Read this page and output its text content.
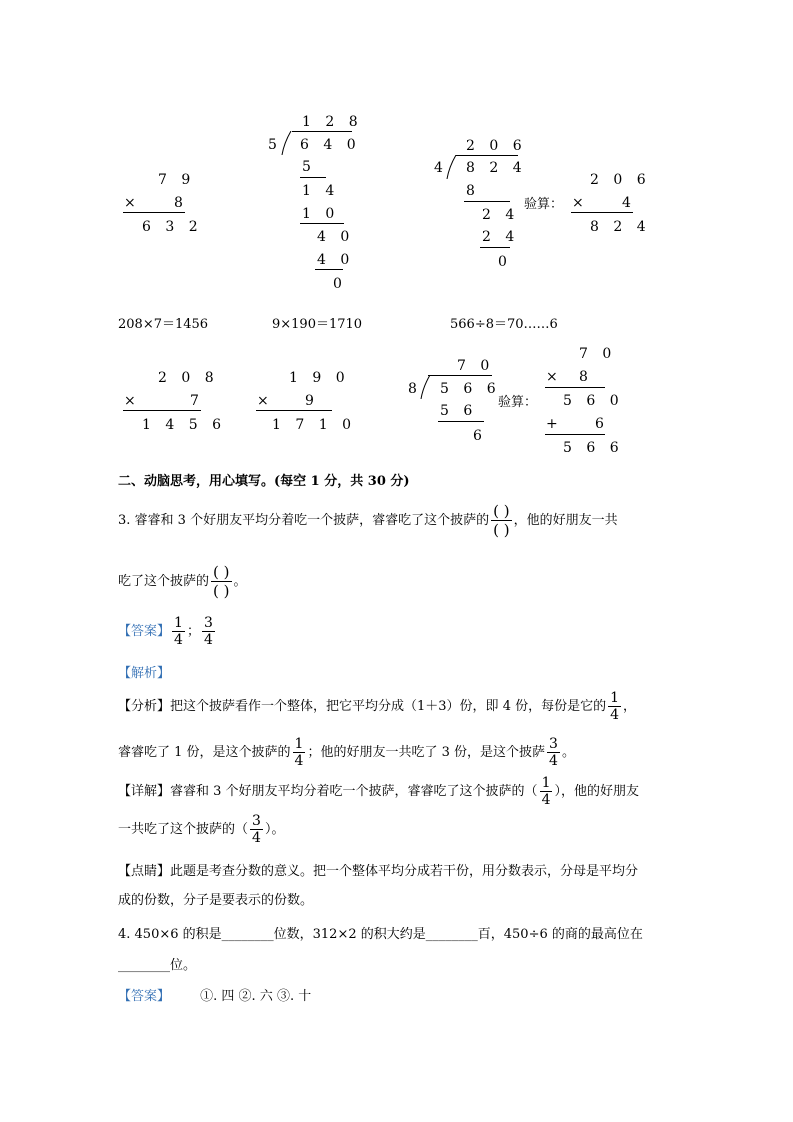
7 9
× 8
6 3 2
1 2 8
5 6 4 0
5
1 4
1 0
4 0
4 0
0
2 0 6
4 8 2 4
8
2 4
2 4
0
验算：
2 0 6
× 4
8 2 4
208×7＝1456	9×190＝1710	566÷8＝70……6
2 0 8
×	7
1 4 5 6
1 9 0
× 9
1 7 1 0
7 0
8 5 6 6
5 6
6
验算：
7 0
× 8
5 6 0
+ 6
5 6 6
二、动脑思考，用心填写。(每空 1 分，共 30 分)
3. 睿睿和 3 个好朋友平均分着吃一个披萨，睿睿吃了这个披萨的 $\frac{( )}{( )}$ ，他的好朋友一共
吃了这个披萨的 $\frac{( )}{( )}$ 。
【答案】 $\frac{1}{4}$ ； $\frac{3}{4}$
【解析】
【分析】 把这个披萨看作一个整体，把它平均分成（1＋3）份，即 4 份，每份是它的 $\frac{1}{4}$ ，
睿睿吃了 1 份，是这个披萨的 $\frac{1}{4}$ ；他的好朋友一共吃了 3 份，是这个披萨 $\frac{3}{4}$ 。
【详解】 睿睿和 3 个好朋友平均分着吃一个披萨，睿睿吃了这个披萨的（ $\frac{1}{4}$ ），他的好朋友
一共吃了这个披萨的（ $\frac{3}{4}$ ）。
【点睛】此题是考查分数的意义。把一个整体平均分成若干份，用分数表示，分母是平均分
成的份数，分子是要表示的份数。
4. 450×6 的积是________位数，312×2 的积大约是________百，450÷6 的商的最高位在
________位。
【答案】 ①. 四 ②. 六 ③. 十
